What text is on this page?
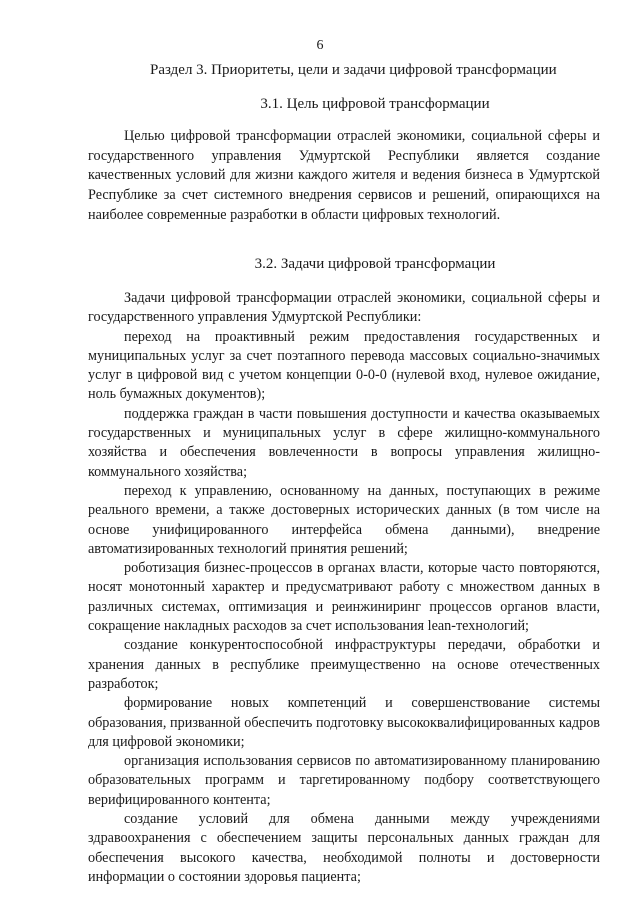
6
Раздел 3. Приоритеты, цели и задачи цифровой трансформации
3.1. Цель цифровой трансформации

Целью цифровой трансформации отраслей экономики, социальной сферы и государственного управления Удмуртской Республики является создание качественных условий для жизни каждого жителя и ведения бизнеса в Удмуртской Республике за счет системного внедрения сервисов и решений, опирающихся на наиболее современные разработки в области цифровых технологий.

3.2. Задачи цифровой трансформации

Задачи цифровой трансформации отраслей экономики, социальной сферы и государственного управления Удмуртской Республики:

переход на проактивный режим предоставления государственных и муниципальных услуг за счет поэтапного перевода массовых социально-значимых услуг в цифровой вид с учетом концепции 0-0-0 (нулевой вход, нулевое ожидание, ноль бумажных документов);

поддержка граждан в части повышения доступности и качества оказываемых государственных и муниципальных услуг в сфере жилищно-коммунального хозяйства и обеспечения вовлеченности в вопросы управления жилищно-коммунального хозяйства;

переход к управлению, основанному на данных, поступающих в режиме реального времени, а также достоверных исторических данных (в том числе на основе унифицированного интерфейса обмена данными), внедрение автоматизированных технологий принятия решений;

роботизация бизнес-процессов в органах власти, которые часто повторяются, носят монотонный характер и предусматривают работу с множеством данных в различных системах, оптимизация и реинжиниринг процессов органов власти, сокращение накладных расходов за счет использования lean-технологий;

создание конкурентоспособной инфраструктуры передачи, обработки и хранения данных в республике преимущественно на основе отечественных разработок;

формирование новых компетенций и совершенствование системы образования, призванной обеспечить подготовку высококвалифицированных кадров для цифровой экономики;

организация использования сервисов по автоматизированному планированию образовательных программ и таргетированному подбору соответствующего верифицированного контента;

создание условий для обмена данными между учреждениями здравоохранения с обеспечением защиты персональных данных граждан для обеспечения высокого качества, необходимой полноты и достоверности информации о состоянии здоровья пациента;
